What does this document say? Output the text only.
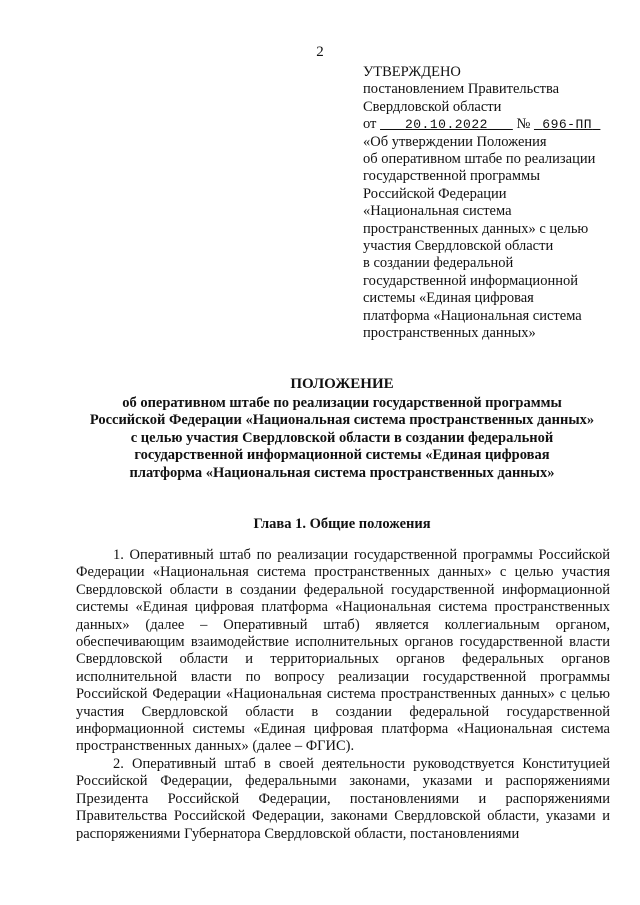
2
УТВЕРЖДЕНО
постановлением Правительства
Свердловской области
от 20.10.2022 № 696-ПП
«Об утверждении Положения
об оперативном штабе по реализации
государственной программы
Российской Федерации
«Национальная система
пространственных данных» с целью
участия Свердловской области
в создании федеральной
государственной информационной
системы «Единая цифровая
платформа «Национальная система
пространственных данных»
ПОЛОЖЕНИЕ
об оперативном штабе по реализации государственной программы
Российской Федерации «Национальная система пространственных данных»
с целью участия Свердловской области в создании федеральной
государственной информационной системы «Единая цифровая
платформа «Национальная система пространственных данных»
Глава 1. Общие положения

1. Оперативный штаб по реализации государственной программы Российской Федерации «Национальная система пространственных данных» с целью участия Свердловской области в создании федеральной государственной информационной системы «Единая цифровая платформа «Национальная система пространственных данных» (далее – Оперативный штаб) является коллегиальным органом, обеспечивающим взаимодействие исполнительных органов государственной власти Свердловской области и территориальных органов федеральных органов исполнительной власти по вопросу реализации государственной программы Российской Федерации «Национальная система пространственных данных» с целью участия Свердловской области в создании федеральной государственной информационной системы «Единая цифровая платформа «Национальная система пространственных данных» (далее – ФГИС).

2. Оперативный штаб в своей деятельности руководствуется Конституцией Российской Федерации, федеральными законами, указами и распоряжениями Президента Российской Федерации, постановлениями и распоряжениями Правительства Российской Федерации, законами Свердловской области, указами и распоряжениями Губернатора Свердловской области, постановлениями
